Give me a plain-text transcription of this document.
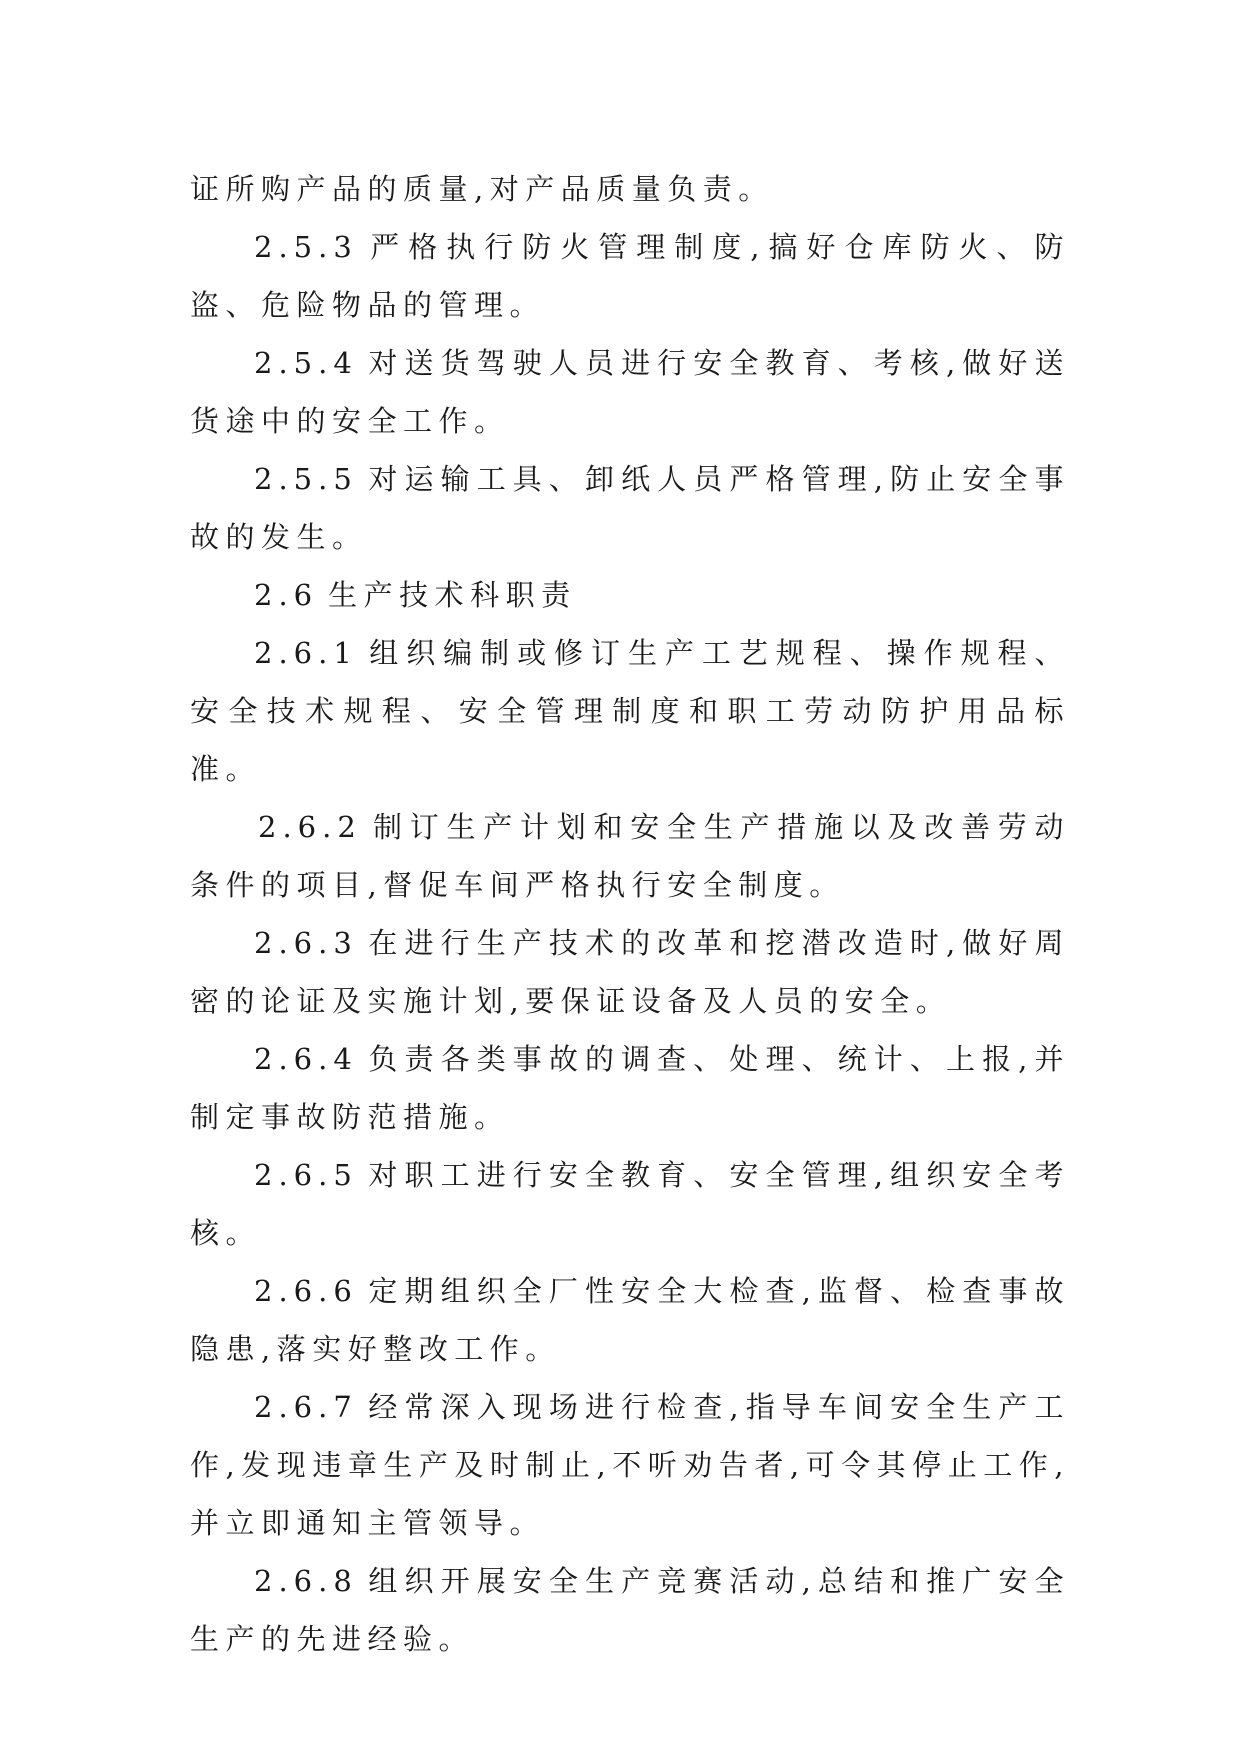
证所购产品的质量,对产品质量负责。

2.5.3 严格执行防火管理制度,搞好仓库防火、防盗、危险物品的管理。

2.5.4 对送货驾驶人员进行安全教育、考核,做好送货途中的安全工作。

2.5.5 对运输工具、卸纸人员严格管理,防止安全事故的发生。

2.6 生产技术科职责

2.6.1 组织编制或修订生产工艺规程、操作规程、安全技术规程、安全管理制度和职工劳动防护用品标准。

2.6.2 制订生产计划和安全生产措施以及改善劳动条件的项目,督促车间严格执行安全制度。

2.6.3 在进行生产技术的改革和挖潜改造时,做好周密的论证及实施计划,要保证设备及人员的安全。

2.6.4 负责各类事故的调查、处理、统计、上报,并制定事故防范措施。

2.6.5 对职工进行安全教育、安全管理,组织安全考核。

2.6.6 定期组织全厂性安全大检查,监督、检查事故隐患,落实好整改工作。

2.6.7 经常深入现场进行检查,指导车间安全生产工作,发现违章生产及时制止,不听劝告者,可令其停止工作,并立即通知主管领导。

2.6.8 组织开展安全生产竞赛活动,总结和推广安全生产的先进经验。
